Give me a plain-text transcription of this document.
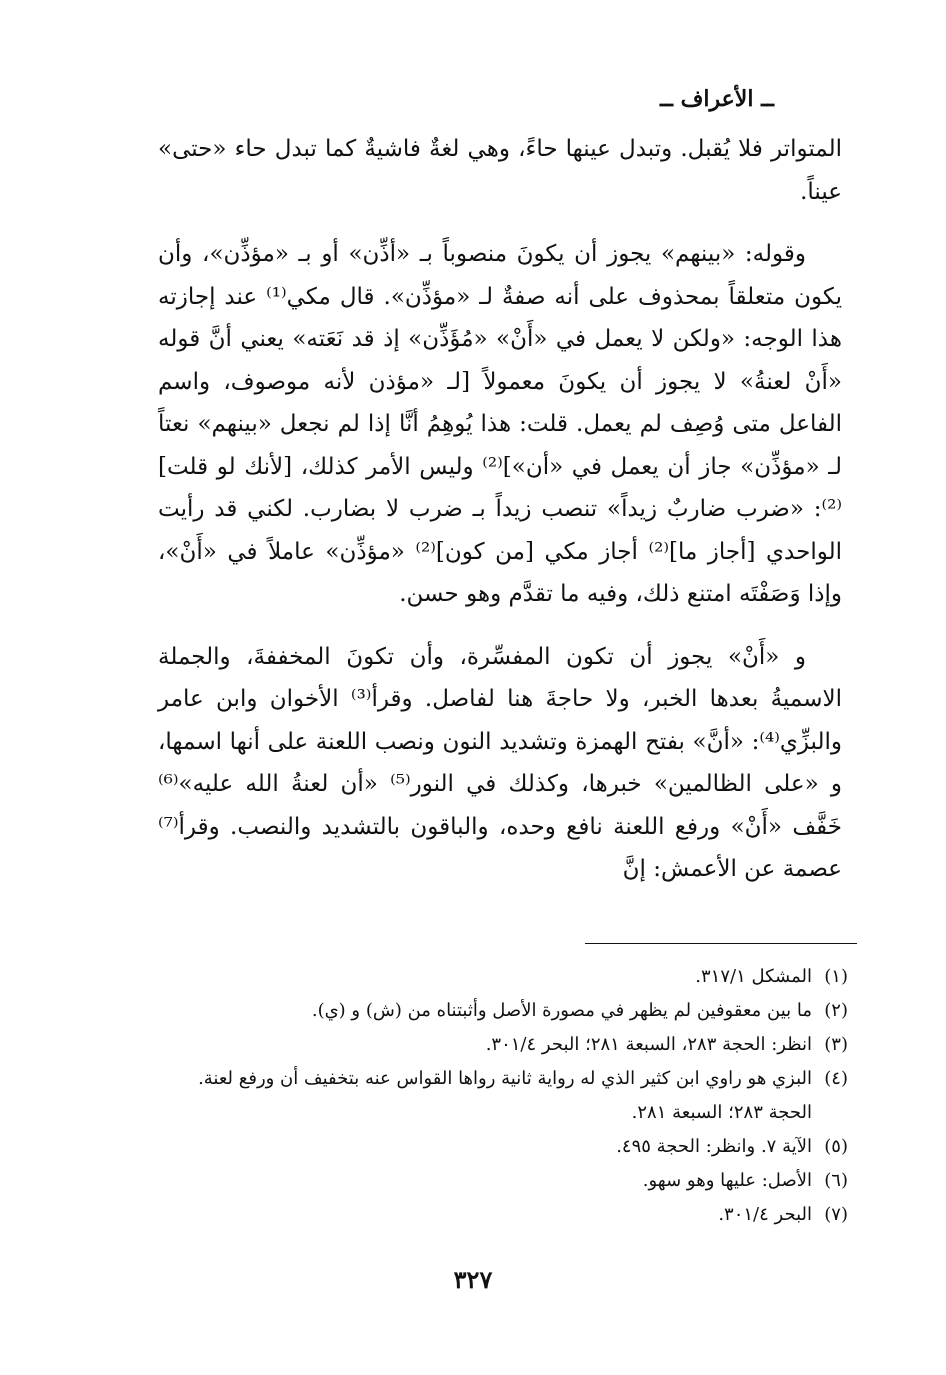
ــ الأعراف ــ

المتواتر فلا يُقبل. وتبدل عينها حاءً، وهي لغةٌ فاشيةٌ كما تبدل حاء «حتى» عيناً.

وقوله: «بينهم» يجوز أن يكونَ منصوباً بـ «أذِّن» أو بـ «مؤذِّن»، وأن يكون متعلقاً بمحذوف على أنه صفةٌ لـ «مؤذِّن». قال مكي⁽¹⁾ عند إجازته هذا الوجه: «ولكن لا يعمل في «أَنْ» «مُؤَذِّن» إذ قد نَعَته» يعني أنَّ قوله «أَنْ لعنةُ» لا يجوز أن يكونَ معمولاً [لـ «مؤذن لأنه موصوف، واسم الفاعل متى وُصِف لم يعمل. قلت: هذا يُوهِمُ أنَّا إذا لم نجعل «بينهم» نعتاً لـ «مؤذِّن» جاز أن يعمل في «أن»]⁽²⁾ وليس الأمر كذلك، [لأنك لو قلت]⁽²⁾: «ضرب ضاربٌ زيداً» تنصب زيداً بـ ضرب لا بضارب. لكني قد رأيت الواحدي [أجاز ما]⁽²⁾ أجاز مكي [من كون]⁽²⁾ «مؤذِّن» عاملاً في «أَنْ»، وإذا وَصَفْتَه امتنع ذلك، وفيه ما تقدَّم وهو حسن.

و «أَنْ» يجوز أن تكون المفسِّرة، وأن تكونَ المخففةَ، والجملة الاسميةُ بعدها الخبر، ولا حاجةَ هنا لفاصل. وقرأ⁽³⁾ الأخوان وابن عامر والبزِّي⁽⁴⁾: «أنَّ» بفتح الهمزة وتشديد النون ونصب اللعنة على أنها اسمها، و «على الظالمين» خبرها، وكذلك في النور⁽⁵⁾ «أن لعنةُ الله عليه»⁽⁶⁾ خَفَّف «أَنْ» ورفع اللعنة نافع وحده، والباقون بالتشديد والنصب. وقرأ⁽⁷⁾ عصمة عن الأعمش: إنَّ

(١)
المشكل ٣١٧/١.
(٢)
ما بين معقوفين لم يظهر في مصورة الأصل وأثبتناه من (ش) و (ي).
(٣)
انظر: الحجة ٢٨٣، السبعة ٢٨١؛ البحر ٣٠١/٤.
(٤)
البزي هو راوي ابن كثير الذي له رواية ثانية رواها القواس عنه بتخفيف أن ورفع لعنة. الحجة ٢٨٣؛ السبعة ٢٨١.
(٥)
الآية ٧. وانظر: الحجة ٤٩٥.
(٦)
الأصل: عليها وهو سهو.
(٧)
البحر ٣٠١/٤.
٣٢٧
